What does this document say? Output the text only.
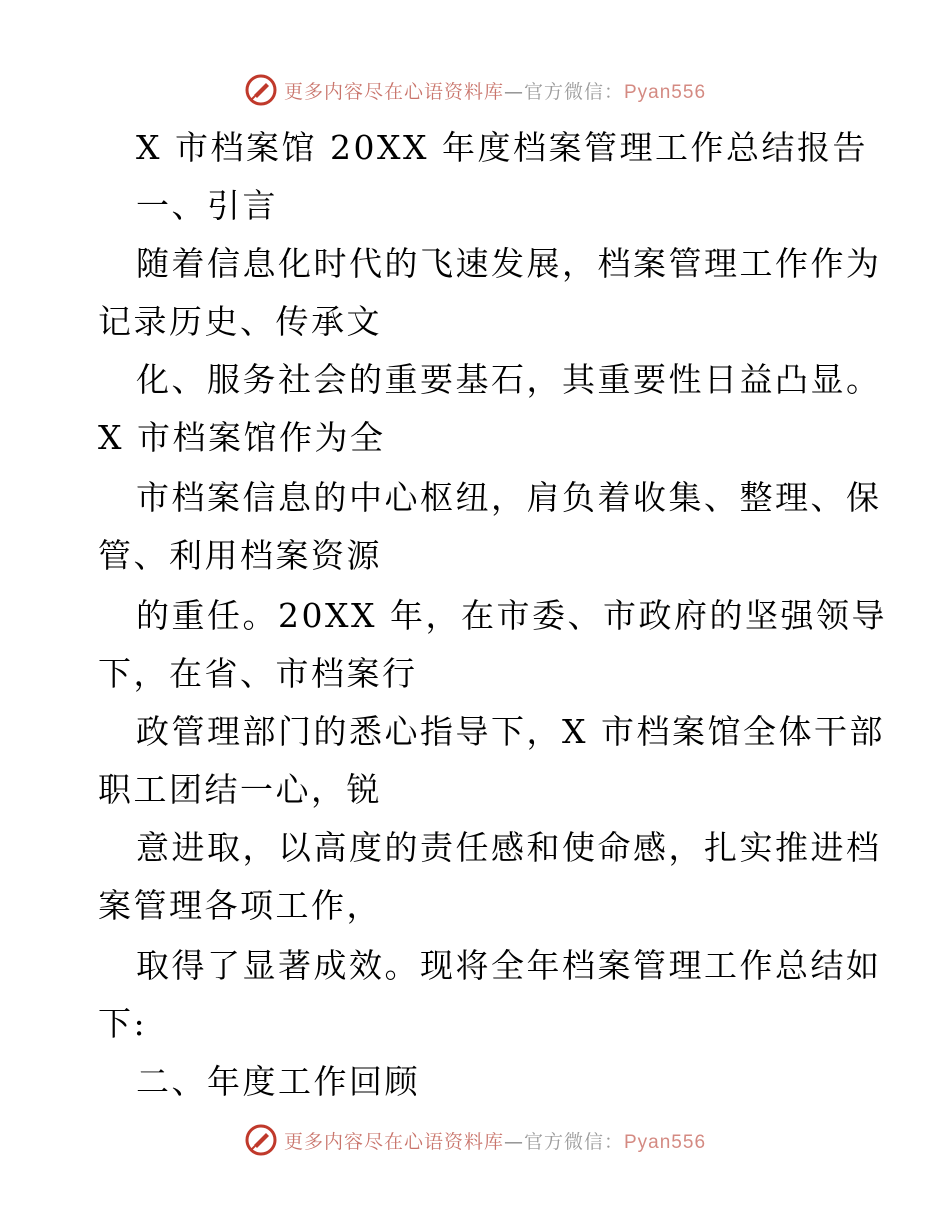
更多内容尽在心语资料库—官方微信：Pyan556
X 市档案馆 20XX 年度档案管理工作总结报告
一、引言
随着信息化时代的飞速发展，档案管理工作作为
记录历史、传承文
化、服务社会的重要基石，其重要性日益凸显。
X 市档案馆作为全
市档案信息的中心枢纽，肩负着收集、整理、保
管、利用档案资源
的重任。20XX 年，在市委、市政府的坚强领导
下，在省、市档案行
政管理部门的悉心指导下，X 市档案馆全体干部
职工团结一心，锐
意进取，以高度的责任感和使命感，扎实推进档
案管理各项工作，
取得了显著成效。现将全年档案管理工作总结如
下:
二、年度工作回顾
更多内容尽在心语资料库—官方微信：Pyan556
